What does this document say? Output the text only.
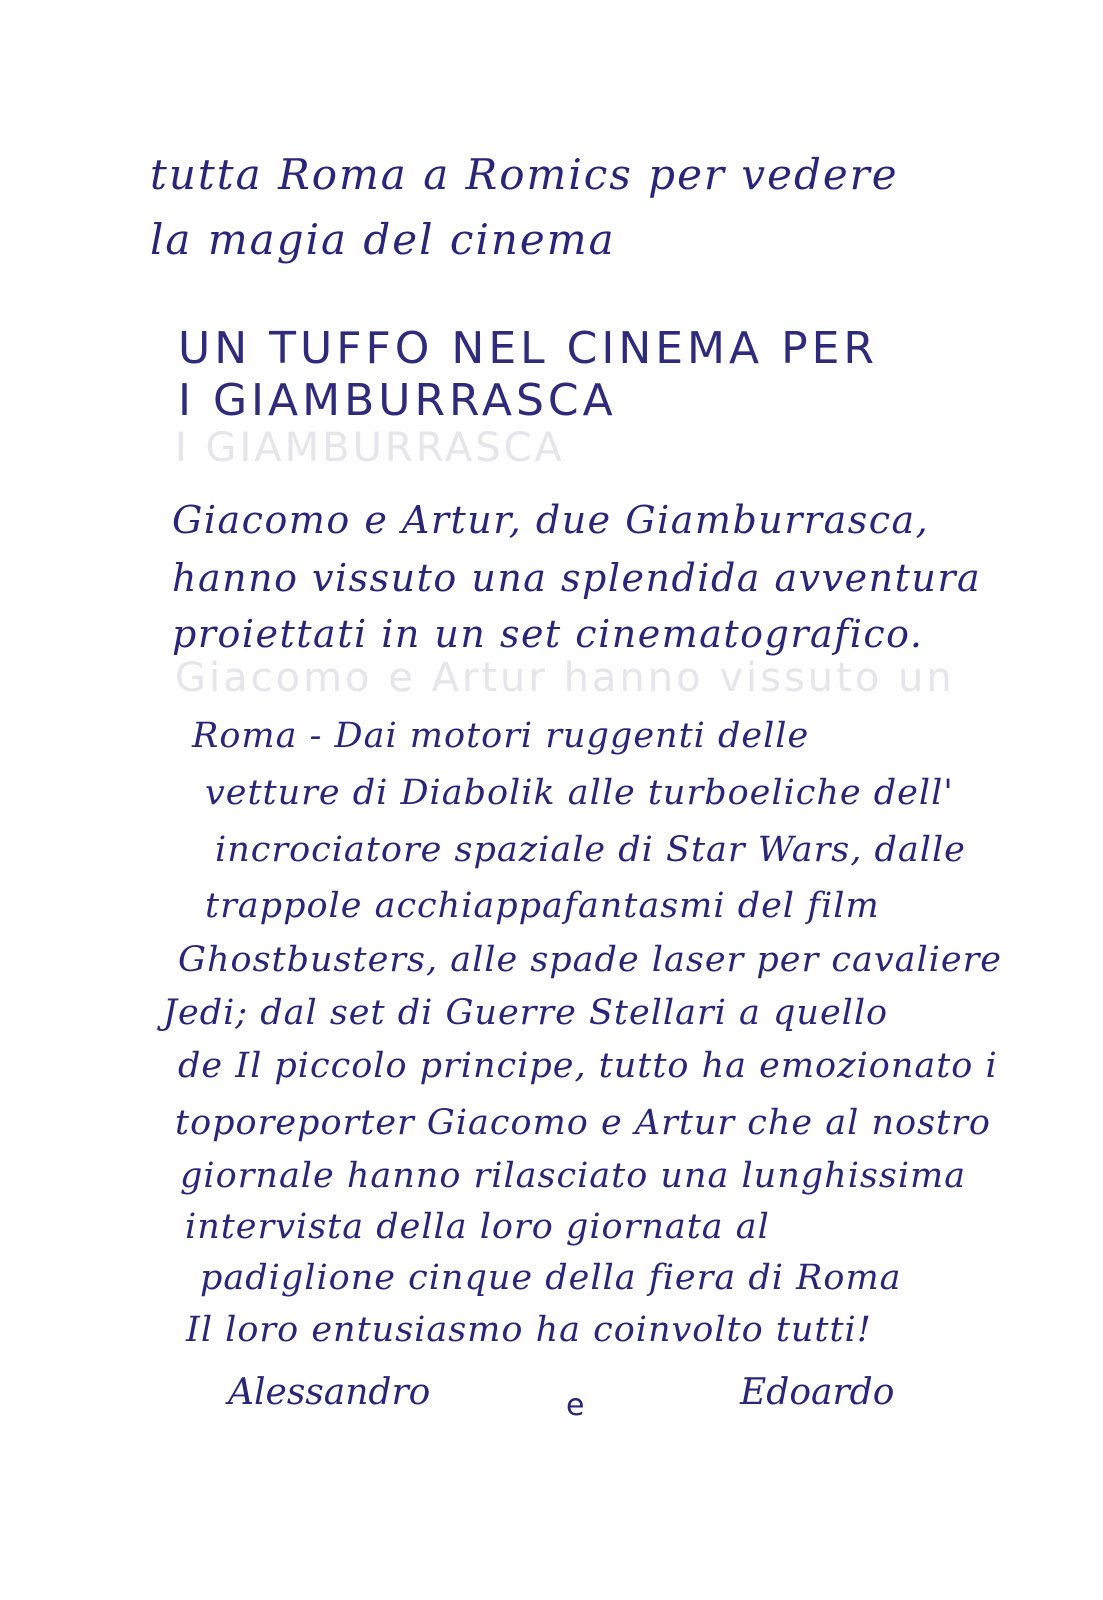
I GIAMBURRASCA
Giacomo e Artur hanno vissuto un
tutta Roma a Romics per vedere
la magia del cinema
UN TUFFO NEL CINEMA PER
I GIAMBURRASCA
Giacomo e Artur, due Giamburrasca,
hanno vissuto una splendida avventura
proiettati in un set cinematografico.
Roma - Dai motori ruggenti delle
vetture di Diabolik alle turboeliche dell'
incrociatore spaziale di Star Wars, dalle
trappole acchiappafantasmi del film
Ghostbusters, alle spade laser per cavaliere
Jedi; dal set di Guerre Stellari a quello
de Il piccolo principe, tutto ha emozionato i
toporeporter Giacomo e Artur che al nostro
giornale hanno rilasciato una lunghissima
intervista della loro giornata al
padiglione cinque della fiera di Roma
Il loro entusiasmo ha coinvolto tutti!
Alessandro	e	Edoardo
